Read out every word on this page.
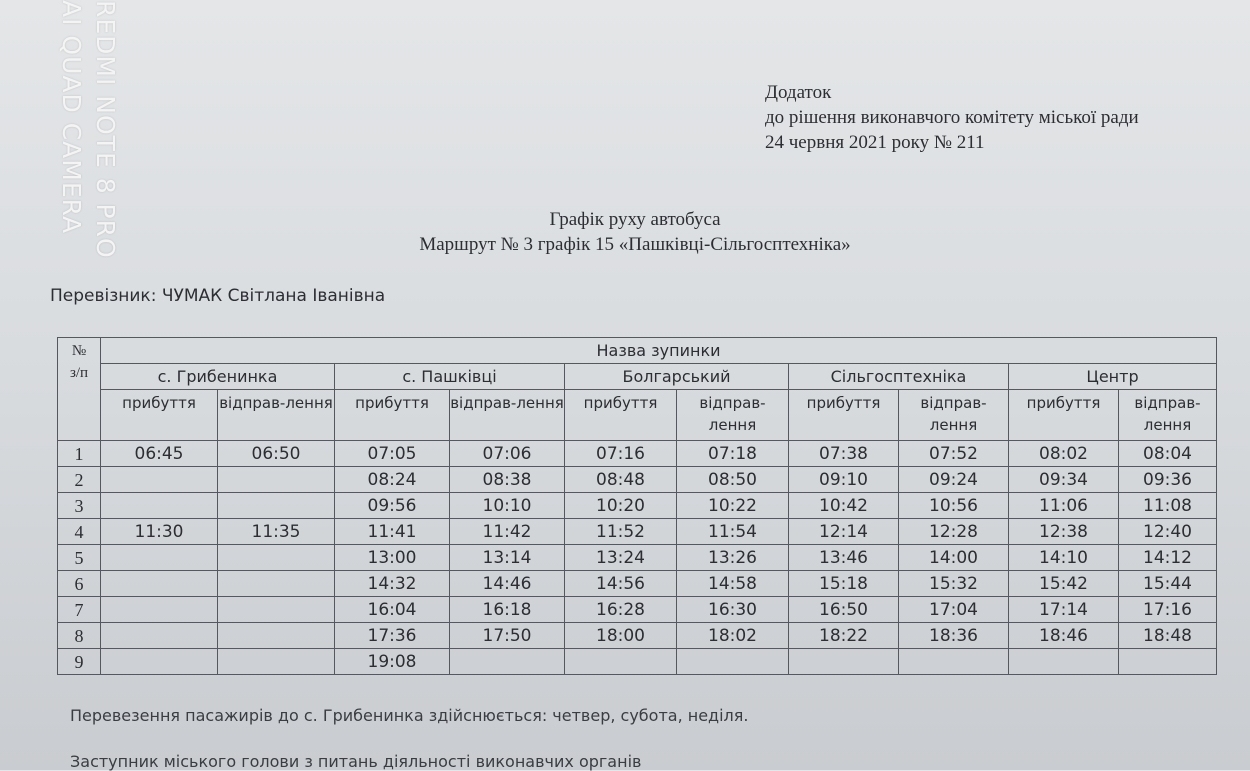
REDMI NOTE 8 PRO
AI QUAD CAMERA	Додаток
до рішення виконавчого комітету міської ради
24 червня 2021 року № 211
Графік руху автобуса
Маршрут № 3 графік 15 «Пашківці-Сільгосптехніка»
Перевізник: ЧУМАК Світлана Іванівна
№
з/п	Назва зупинки									
	с. Грибенинка		с. Пашківці		Болгарський		Сільгосптехніка		Центр	
	прибуття	відправ-лення	прибуття	відправ-лення	прибуття	відправ-лення	прибуття	відправ-лення	прибуття	відправ-лення
1	06:45	06:50	07:05	07:06	07:16	07:18	07:38	07:52	08:02	08:04
2			08:24	08:38	08:48	08:50	09:10	09:24	09:34	09:36
3			09:56	10:10	10:20	10:22	10:42	10:56	11:06	11:08
4	11:30	11:35	11:41	11:42	11:52	11:54	12:14	12:28	12:38	12:40
5			13:00	13:14	13:24	13:26	13:46	14:00	14:10	14:12
6			14:32	14:46	14:56	14:58	15:18	15:32	15:42	15:44
7			16:04	16:18	16:28	16:30	16:50	17:04	17:14	17:16
8			17:36	17:50	18:00	18:02	18:22	18:36	18:46	18:48
9			19:08							
Перевезення пасажирів до с. Грибенинка здійснюється: четвер, субота, неділя.
Заступник міського голови з питань діяльності виконавчих органів
